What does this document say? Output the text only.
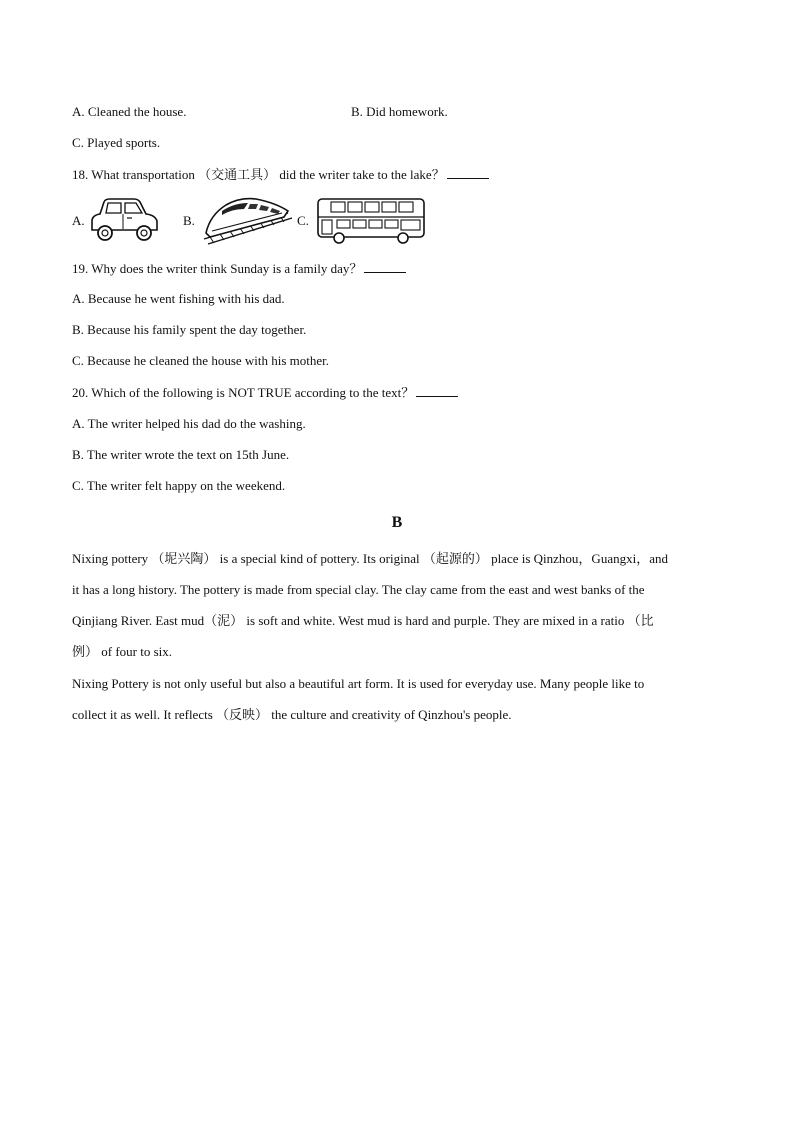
A. Cleaned the house.	B. Did homework.
C. Played sports.
18. What transportation （交通工具） did the writer take to the lake？
A.	B.	C.
19. Why does the writer think Sunday is a family day？
A. Because he went fishing with his dad.
B. Because his family spent the day together.
C. Because he cleaned the house with his mother.
20. Which of the following is NOT TRUE according to the text？
A. The writer helped his dad do the washing.
B. The writer wrote the text on 15th June.
C. The writer felt happy on the weekend.
B
Nixing pottery （坭兴陶） is a special kind of pottery. Its original （起源的） place is Qinzhou，Guangxi，and
it has a long history. The pottery is made from special clay. The clay came from the east and west banks of the
Qinjiang River. East mud（泥） is soft and white. West mud is hard and purple. They are mixed in a ratio （比
例） of four to six.
Nixing Pottery is not only useful but also a beautiful art form. It is used for everyday use. Many people like to
collect it as well. It reflects （反映） the culture and creativity of Qinzhou's people.
